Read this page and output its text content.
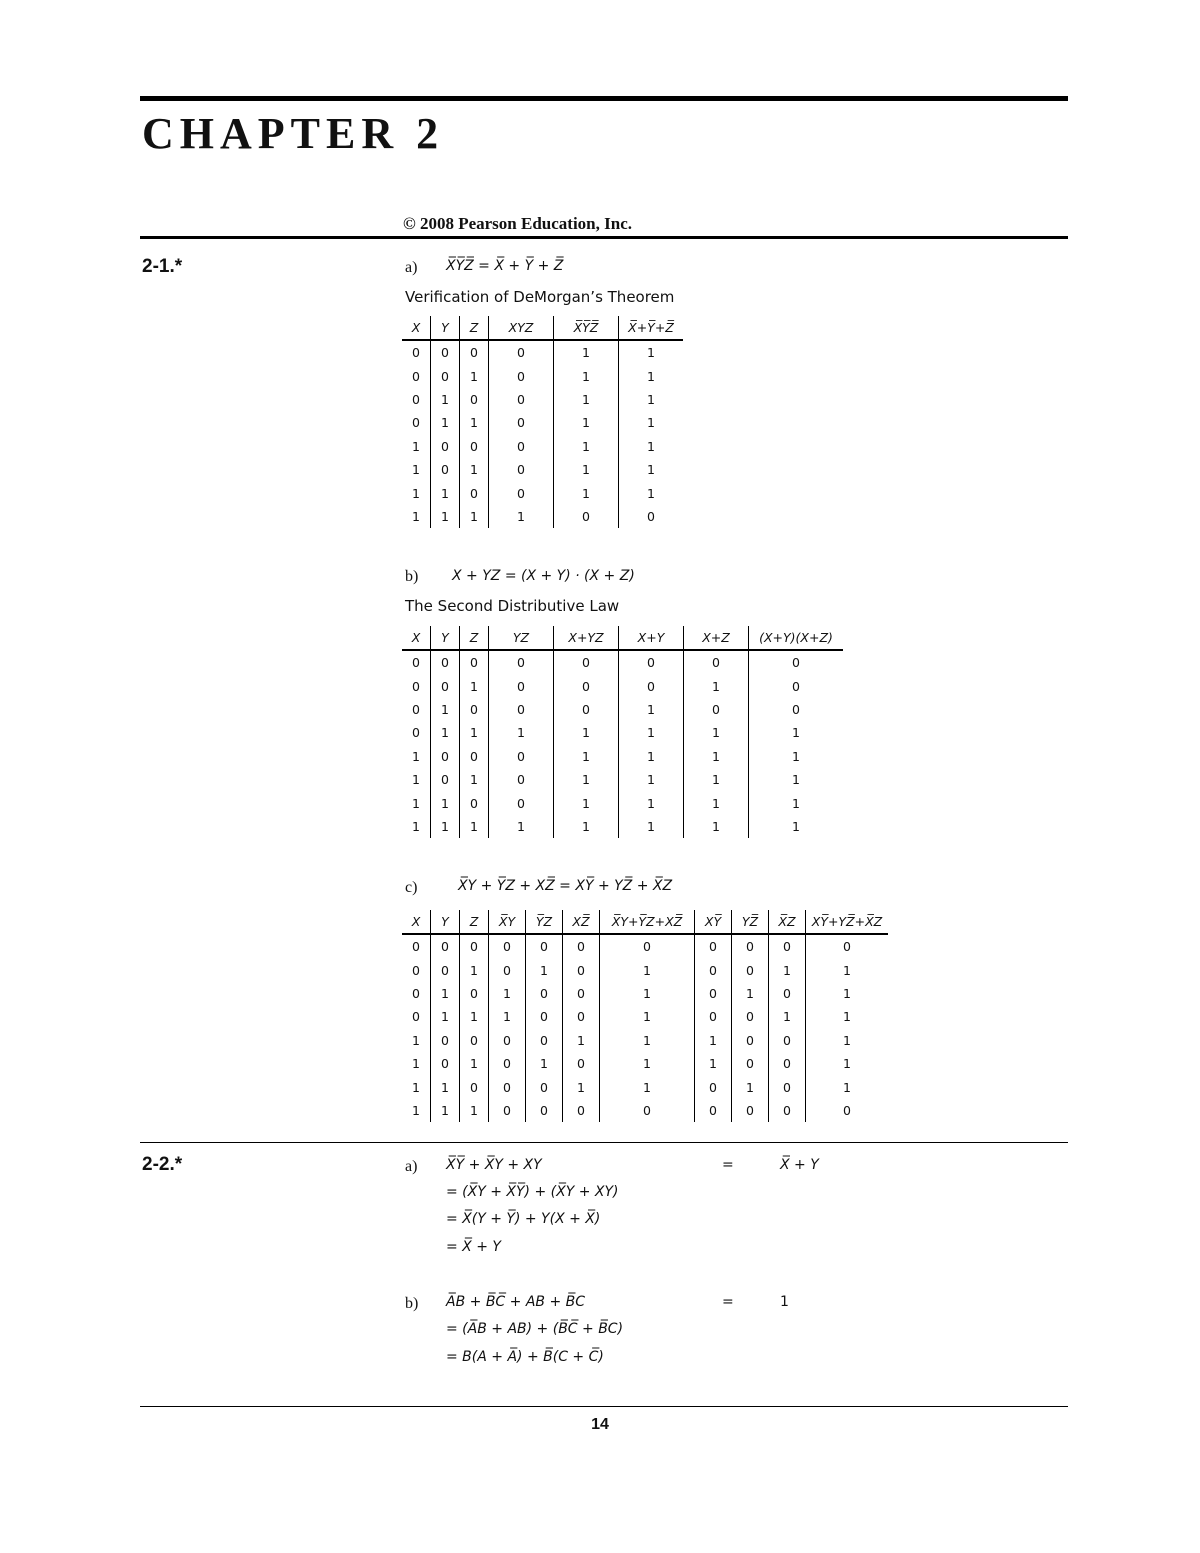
CHAPTER 2
© 2008 Pearson Education, Inc.
2-1.*	a) X̅Y̅Z̅ = X̅ + Y̅ + Z̅
Verification of DeMorgan’s Theorem
X	Y	Z	XYZ	X̅Y̅Z̅	X̅+Y̅+Z̅
0	0	0	0	1	1
0	0	1	0	1	1
0	1	0	0	1	1
0	1	1	0	1	1
1	0	0	0	1	1
1	0	1	0	1	1
1	1	0	0	1	1
1	1	1	1	0	0
b) X + YZ = (X + Y) · (X + Z)
The Second Distributive Law
X	Y	Z	YZ	X+YZ	X+Y	X+Z	(X+Y)(X+Z)
0	0	0	0	0	0	0	0
0	0	1	0	0	0	1	0
0	1	0	0	0	1	0	0
0	1	1	1	1	1	1	1
1	0	0	0	1	1	1	1
1	0	1	0	1	1	1	1
1	1	0	0	1	1	1	1
1	1	1	1	1	1	1	1
c)	X̅Y + Y̅Z + XZ̅ = XY̅ + YZ̅ + X̅Z
X	Y	Z	X̅Y	Y̅Z	XZ̅	X̅Y+Y̅Z+XZ̅	XY̅	YZ̅	X̅Z	XY̅+YZ̅+X̅Z
0	0	0	0	0	0	0	0	0	0	0
0	0	1	0	1	0	1	0	0	1	1
0	1	0	1	0	0	1	0	1	0	1
0	1	1	1	0	0	1	0	0	1	1
1	0	0	0	0	1	1	1	0	0	1
1	0	1	0	1	0	1	1	0	0	1
1	1	0	0	0	1	1	0	1	0	1
1	1	1	0	0	0	0	0	0	0	0
2-2.*	a) X̅Y̅ + X̅Y + XY	=	X̅ + Y
= (X̅Y + X̅Y̅) + (X̅Y + XY)
= X̅(Y + Y̅) + Y(X + X̅)
= X̅ + Y
b) A̅B + B̅C̅ + AB + B̅C	=	1
= (A̅B + AB) + (B̅C̅ + B̅C)
= B(A + A̅) + B̅(C + C̅)
14
